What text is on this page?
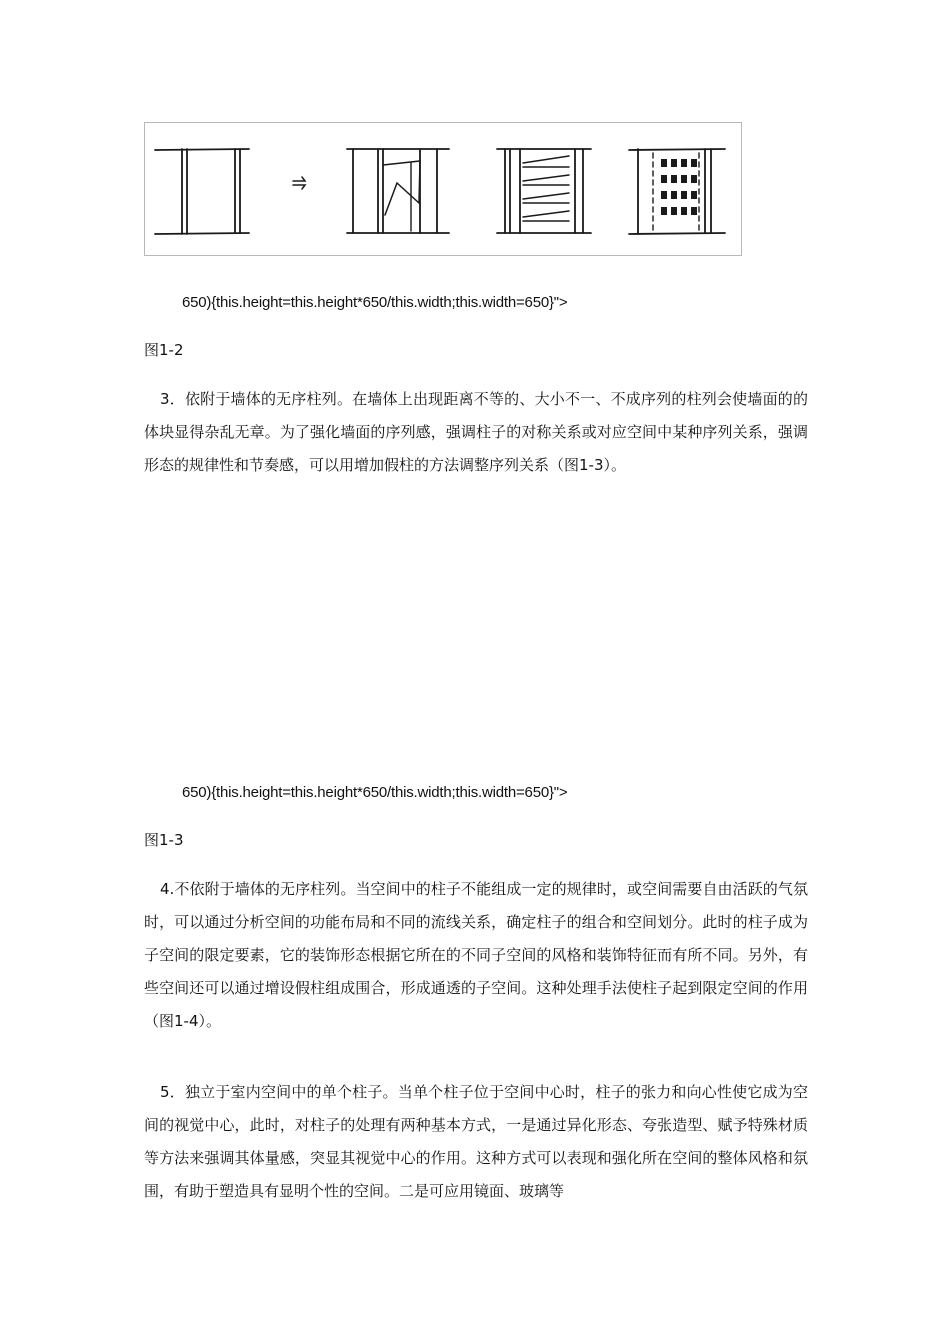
650){this.height=this.height*650/this.width;this.width=650}">
图1-2

3．依附于墙体的无序柱列。在墙体上出现距离不等的、大小不一、不成序列的柱列会使墙面的的体块显得杂乱无章。为了强化墙面的序列感，强调柱子的对称关系或对应空间中某种序列关系，强调形态的规律性和节奏感，可以用增加假柱的方法调整序列关系（图1-3）。

650){this.height=this.height*650/this.width;this.width=650}">
图1-3

4.不依附于墙体的无序柱列。当空间中的柱子不能组成一定的规律时，或空间需要自由活跃的气氛时，可以通过分析空间的功能布局和不同的流线关系，确定柱子的组合和空间划分。此时的柱子成为子空间的限定要素，它的装饰形态根据它所在的不同子空间的风格和装饰特征而有所不同。另外，有些空间还可以通过增设假柱组成围合，形成通透的子空间。这种处理手法使柱子起到限定空间的作用（图1-4）。

5．独立于室内空间中的单个柱子。当单个柱子位于空间中心时，柱子的张力和向心性使它成为空间的视觉中心，此时，对柱子的处理有两种基本方式，一是通过异化形态、夸张造型、赋予特殊材质等方法来强调其体量感，突显其视觉中心的作用。这种方式可以表现和强化所在空间的整体风格和氛围，有助于塑造具有显明个性的空间。二是可应用镜面、玻璃等
